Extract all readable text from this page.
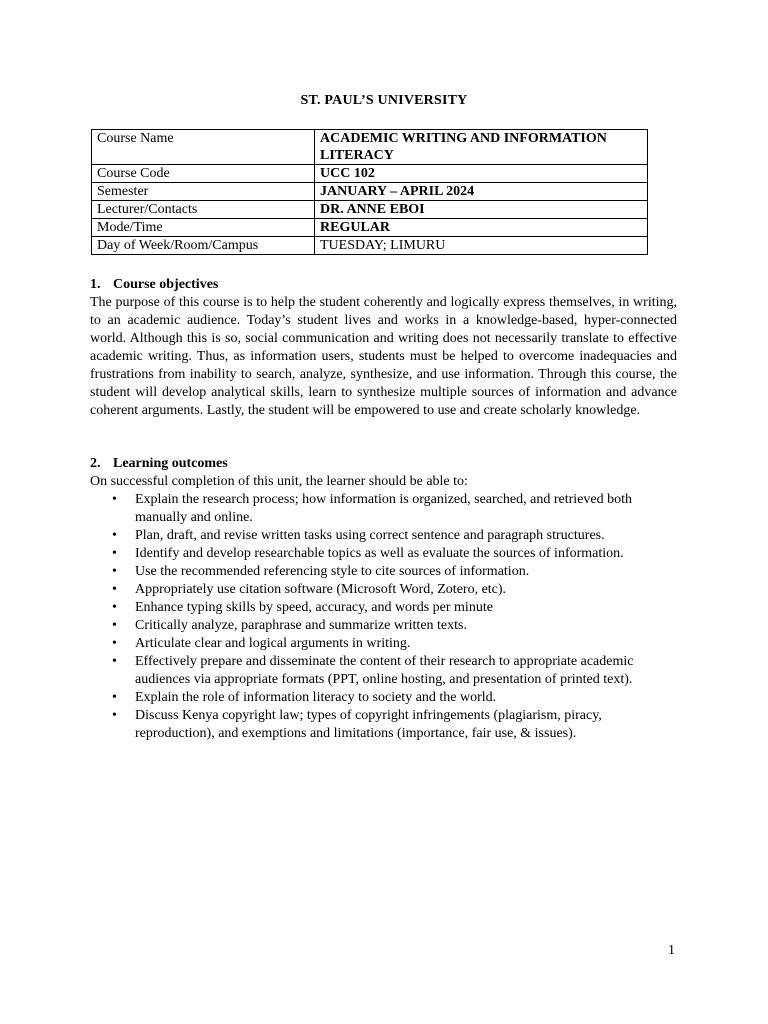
ST. PAUL’S UNIVERSITY
Course Name	ACADEMIC WRITING AND INFORMATION LITERACY
Course Code	UCC 102
Semester	JANUARY – APRIL 2024
Lecturer/Contacts	DR. ANNE EBOI
Mode/Time	REGULAR
Day of Week/Room/Campus	TUESDAY; LIMURU
1. Course objectives
The purpose of this course is to help the student coherently and logically express themselves, in writing, to an academic audience. Today’s student lives and works in a knowledge-based, hyper-connected world. Although this is so, social communication and writing does not necessarily translate to effective academic writing. Thus, as information users, students must be helped to overcome inadequacies and frustrations from inability to search, analyze, synthesize, and use information. Through this course, the student will develop analytical skills, learn to synthesize multiple sources of information and advance coherent arguments. Lastly, the student will be empowered to use and create scholarly knowledge.
2. Learning outcomes
On successful completion of this unit, the learner should be able to:
• Explain the research process; how information is organized, searched, and retrieved both manually and online.
• Plan, draft, and revise written tasks using correct sentence and paragraph structures.
• Identify and develop researchable topics as well as evaluate the sources of information.
• Use the recommended referencing style to cite sources of information.
• Appropriately use citation software (Microsoft Word, Zotero, etc).
• Enhance typing skills by speed, accuracy, and words per minute
• Critically analyze, paraphrase and summarize written texts.
• Articulate clear and logical arguments in writing.
• Effectively prepare and disseminate the content of their research to appropriate academic audiences via appropriate formats (PPT, online hosting, and presentation of printed text).
• Explain the role of information literacy to society and the world.
• Discuss Kenya copyright law; types of copyright infringements (plagiarism, piracy, reproduction), and exemptions and limitations (importance, fair use, & issues).
1
